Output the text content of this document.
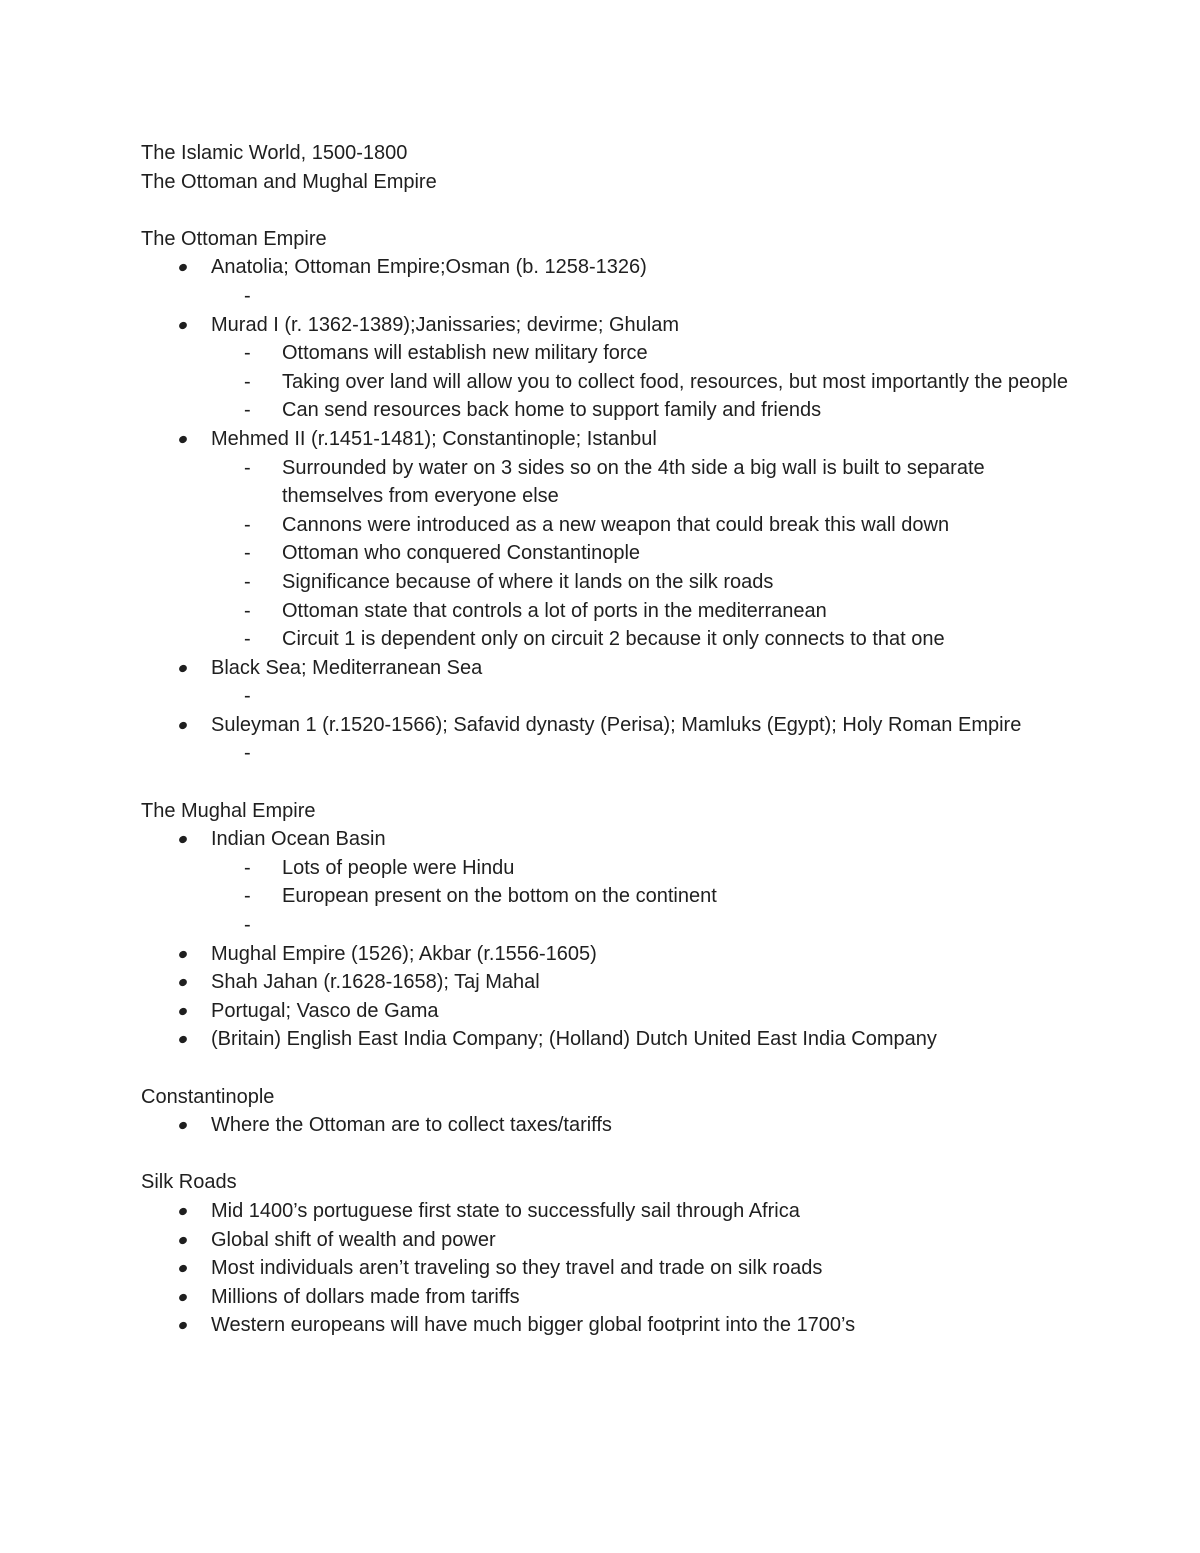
The Islamic World, 1500-1800
The Ottoman and Mughal Empire
The Ottoman Empire
Anatolia; Ottoman Empire;Osman (b. 1258-1326)
-

Murad I (r. 1362-1389);Janissaries; devirme; Ghulam
- Ottomans will establish new military force
- Taking over land will allow you to collect food, resources, but most importantly the people
- Can send resources back home to support family and friends
Mehmed II (r.1451-1481); Constantinople; Istanbul
- Surrounded by water on 3 sides so on the 4th side a big wall is built to separate themselves from everyone else
- Cannons were introduced as a new weapon that could break this wall down
- Ottoman who conquered Constantinople
- Significance because of where it lands on the silk roads
- Ottoman state that controls a lot of ports in the mediterranean
- Circuit 1 is dependent only on circuit 2 because it only connects to that one
Black Sea; Mediterranean Sea
-

Suleyman 1 (r.1520-1566); Safavid dynasty (Perisa); Mamluks (Egypt); Holy Roman Empire
-

The Mughal Empire
Indian Ocean Basin
- Lots of people were Hindu
- European present on the bottom on the continent
-

Mughal Empire (1526); Akbar (r.1556-1605)
Shah Jahan (r.1628-1658); Taj Mahal
Portugal; Vasco de Gama
(Britain) English East India Company; (Holland) Dutch United East India Company
Constantinople
Where the Ottoman are to collect taxes/tariffs
Silk Roads
Mid 1400’s portuguese first state to successfully sail through Africa
Global shift of wealth and power
Most individuals aren’t traveling so they travel and trade on silk roads
Millions of dollars made from tariffs
Western europeans will have much bigger global footprint into the 1700’s
